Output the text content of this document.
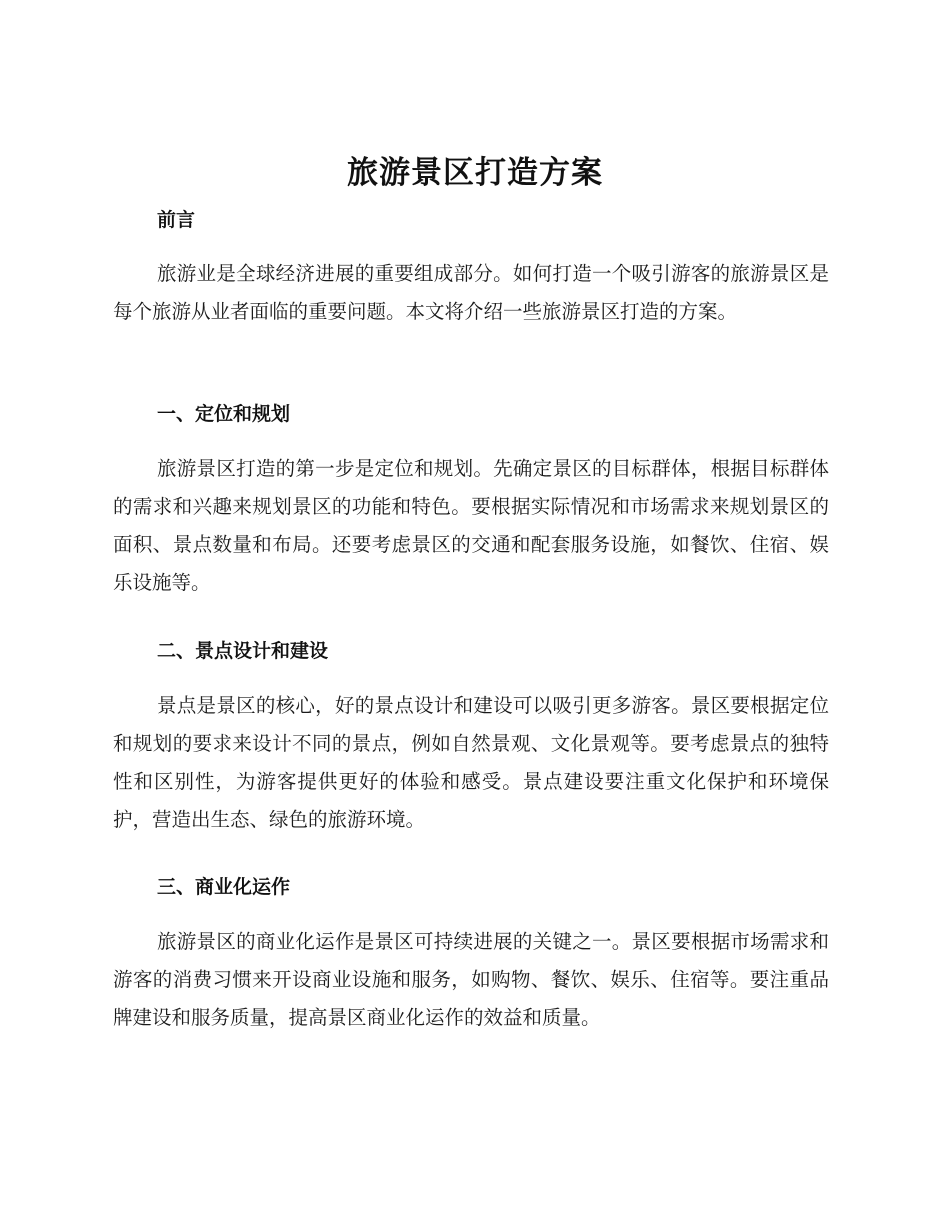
旅游景区打造方案
前言
旅游业是全球经济进展的重要组成部分。如何打造一个吸引游客的旅游景区是每个旅游从业者面临的重要问题。本文将介绍一些旅游景区打造的方案。
一、定位和规划
旅游景区打造的第一步是定位和规划。先确定景区的目标群体，根据目标群体的需求和兴趣来规划景区的功能和特色。要根据实际情况和市场需求来规划景区的面积、景点数量和布局。还要考虑景区的交通和配套服务设施，如餐饮、住宿、娱乐设施等。
二、景点设计和建设
景点是景区的核心，好的景点设计和建设可以吸引更多游客。景区要根据定位和规划的要求来设计不同的景点，例如自然景观、文化景观等。要考虑景点的独特性和区别性，为游客提供更好的体验和感受。景点建设要注重文化保护和环境保护，营造出生态、绿色的旅游环境。
三、商业化运作
旅游景区的商业化运作是景区可持续进展的关键之一。景区要根据市场需求和游客的消费习惯来开设商业设施和服务，如购物、餐饮、娱乐、住宿等。要注重品牌建设和服务质量，提高景区商业化运作的效益和质量。
